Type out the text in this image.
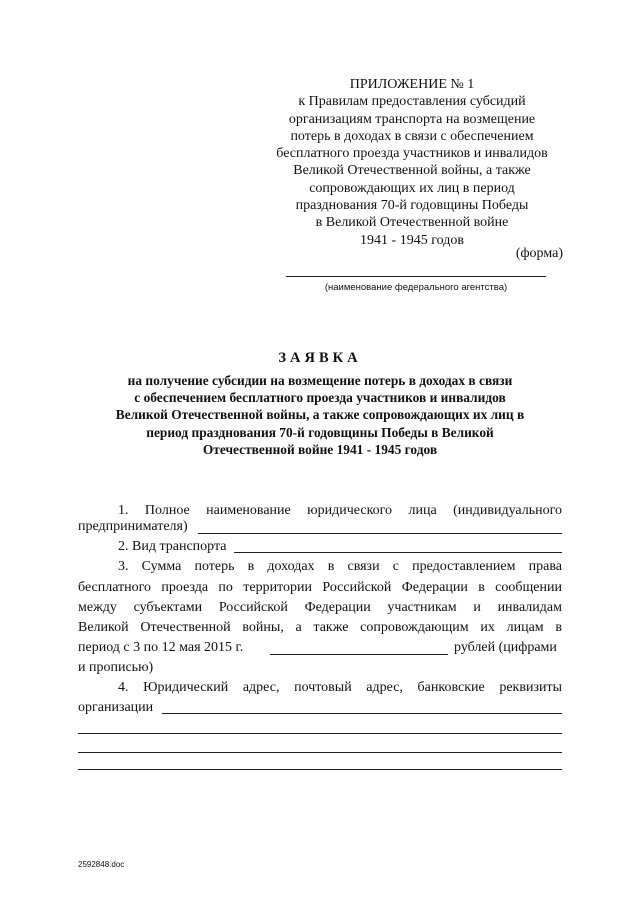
ПРИЛОЖЕНИЕ № 1
к Правилам предоставления субсидий
организациям транспорта на возмещение
потерь в доходах в связи с обеспечением
бесплатного проезда участников и инвалидов
Великой Отечественной войны, а также
сопровождающих их лиц в период
празднования 70-й годовщины Победы
в Великой Отечественной войне
1941 - 1945 годов
(форма)
(наименование федерального агентства)
ЗАЯВКА
на получение субсидии на возмещение потерь в доходах в связи
с обеспечением бесплатного проезда участников и инвалидов
Великой Отечественной войны, а также сопровождающих их лиц в
период празднования 70-й годовщины Победы в Великой
Отечественной войне 1941 - 1945 годов
1. Полное наименование юридического лица (индивидуального
предпринимателя)
2. Вид транспорта
3. Сумма потерь в доходах в связи с предоставлением права
бесплатного проезда по территории Российской Федерации в сообщении
между субъектами Российской Федерации участникам и инвалидам
Великой Отечественной войны, а также сопровождающим их лицам в
период с 3 по 12 мая 2015 г.	рублей (цифрами
и прописью)
4. Юридический адрес, почтовый адрес, банковские реквизиты
организации
2592848.doc
